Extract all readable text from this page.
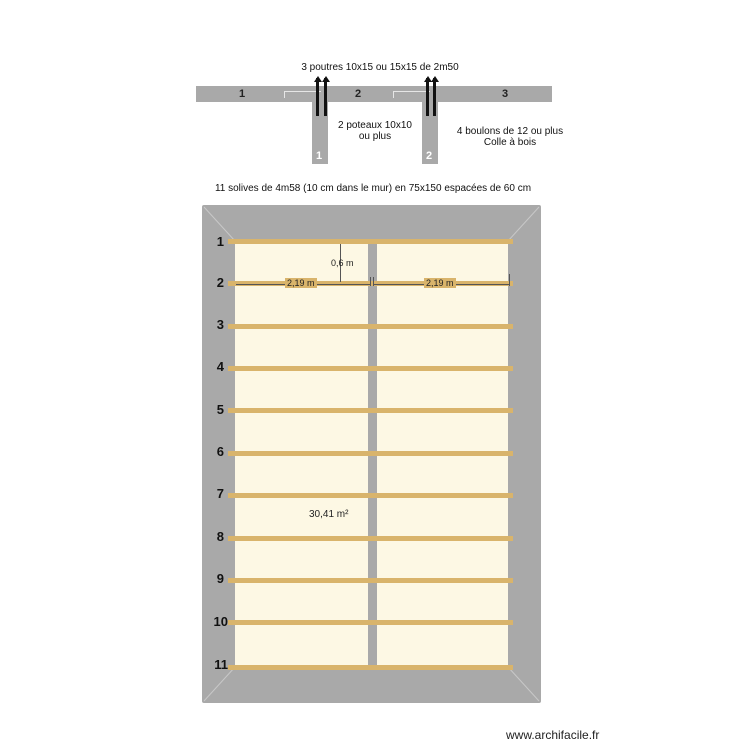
3 poutres 10x15 ou 15x15 de 2m50
1	2	3
1	2
2 poteaux 10x10
ou plus	4 boulons de 12 ou plus
Colle à bois
11 solives de 4m58 (10 cm dans le mur) en 75x150 espacées de 60 cm
1
2
3
4
5
6
7
8
9
10
11
0,6 m
2,19 m	2,19 m
30,41 m²
www.archifacile.fr
